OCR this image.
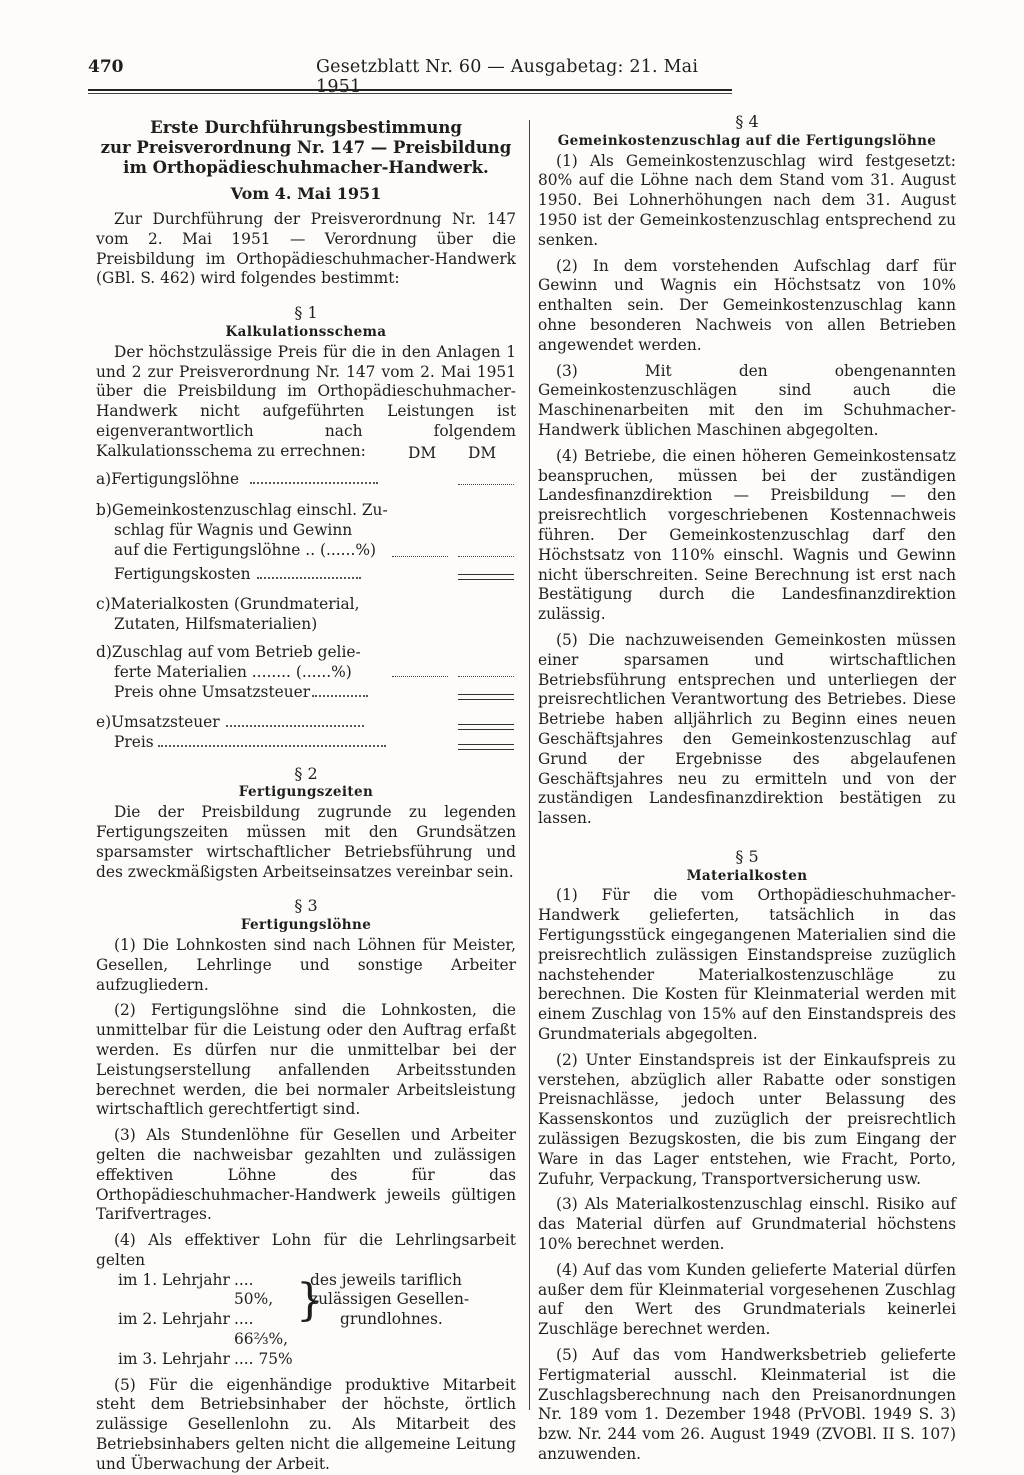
470	Gesetzblatt Nr. 60 — Ausgabetag: 21. Mai 1951

Erste Durchführungsbestimmung

zur Preisverordnung Nr. 147 — Preisbildung

im Orthopädieschuhmacher-Handwerk.

Vom 4. Mai 1951

Zur Durchführung der Preisverordnung Nr. 147 vom 2. Mai 1951 — Verordnung über die Preisbildung im Orthopädieschuhmacher-Handwerk (GBl. S. 462) wird folgendes bestimmt:

§ 1

Kalkulationsschema

Der höchstzulässige Preis für die in den Anlagen 1 und 2 zur Preisverordnung Nr. 147 vom 2. Mai 1951 über die Preisbildung im Orthopädieschuhmacher-Handwerk nicht aufgeführten Leistungen ist eigenverantwortlich nach folgendem Kalkulationsschema zu errechnen:	DM DM
a)Fertigungslöhne
b)Gemeinkostenzuschlag einschl. Zu-
schlag für Wagnis und Gewinn
auf die Fertigungslöhne .. (......%)
Fertigungskosten
c)Materialkosten (Grundmaterial,
Zutaten, Hilfsmaterialien)
d)Zuschlag auf vom Betrieb gelie-
ferte Materialien ........ (......%)
Preis ohne Umsatzsteuer
e)Umsatzsteuer
Preis

§ 2

Fertigungszeiten

Die der Preisbildung zugrunde zu legenden Fertigungszeiten müssen mit den Grundsätzen sparsamster wirtschaftlicher Betriebsführung und des zweckmäßigsten Arbeitseinsatzes vereinbar sein.

§ 3

Fertigungslöhne

(1) Die Lohnkosten sind nach Löhnen für Meister, Gesellen, Lehrlinge und sonstige Arbeiter aufzugliedern.

(2) Fertigungslöhne sind die Lohnkosten, die unmittelbar für die Leistung oder den Auftrag erfaßt werden. Es dürfen nur die unmittelbar bei der Leistungserstellung anfallenden Arbeitsstunden berechnet werden, die bei normaler Arbeitsleistung wirtschaftlich gerechtfertigt sind.

(3) Als Stundenlöhne für Gesellen und Arbeiter gelten die nachweisbar gezahlten und zulässigen effektiven Löhne des für das Orthopädieschuhmacher-Handwerk jeweils gültigen Tarifvertrages.

(4) Als effektiver Lohn für die Lehrlingsarbeit gelten

im 1. Lehrjahr .... 50%,
im 2. Lehrjahr .... 66⅔%,
im 3. Lehrjahr .... 75%
}
des jeweils tariflich
zulässigen Gesellen-
grundlohnes.

(5) Für die eigenhändige produktive Mitarbeit steht dem Betriebsinhaber der höchste, örtlich zulässige Gesellenlohn zu. Als Mitarbeit des Betriebsinhabers gelten nicht die allgemeine Leitung und Überwachung der Arbeit.

§ 4

Gemeinkostenzuschlag auf die Fertigungslöhne

(1) Als Gemeinkostenzuschlag wird festgesetzt: 80% auf die Löhne nach dem Stand vom 31. August 1950. Bei Lohnerhöhungen nach dem 31. August 1950 ist der Gemeinkostenzuschlag entsprechend zu senken.

(2) In dem vorstehenden Aufschlag darf für Gewinn und Wagnis ein Höchstsatz von 10% enthalten sein. Der Gemeinkostenzuschlag kann ohne besonderen Nachweis von allen Betrieben angewendet werden.

(3) Mit den obengenannten Gemeinkostenzuschlägen sind auch die Maschinenarbeiten mit den im Schuhmacher-Handwerk üblichen Maschinen abgegolten.

(4) Betriebe, die einen höheren Gemeinkostensatz beanspruchen, müssen bei der zuständigen Landesfinanzdirektion — Preisbildung — den preisrechtlich vorgeschriebenen Kostennachweis führen. Der Gemeinkostenzuschlag darf den Höchstsatz von 110% einschl. Wagnis und Gewinn nicht überschreiten. Seine Berechnung ist erst nach Bestätigung durch die Landesfinanzdirektion zulässig.

(5) Die nachzuweisenden Gemeinkosten müssen einer sparsamen und wirtschaftlichen Betriebsführung entsprechen und unterliegen der preisrechtlichen Verantwortung des Betriebes. Diese Betriebe haben alljährlich zu Beginn eines neuen Geschäftsjahres den Gemeinkostenzuschlag auf Grund der Ergebnisse des abgelaufenen Geschäftsjahres neu zu ermitteln und von der zuständigen Landesfinanzdirektion bestätigen zu lassen.

§ 5

Materialkosten

(1) Für die vom Orthopädieschuhmacher-Handwerk gelieferten, tatsächlich in das Fertigungsstück eingegangenen Materialien sind die preisrechtlich zulässigen Einstandspreise zuzüglich nachstehender Materialkostenzuschläge zu berechnen. Die Kosten für Kleinmaterial werden mit einem Zuschlag von 15% auf den Einstandspreis des Grundmaterials abgegolten.

(2) Unter Einstandspreis ist der Einkaufspreis zu verstehen, abzüglich aller Rabatte oder sonstigen Preisnachlässe, jedoch unter Belassung des Kassenskontos und zuzüglich der preisrechtlich zulässigen Bezugskosten, die bis zum Eingang der Ware in das Lager entstehen, wie Fracht, Porto, Zufuhr, Verpackung, Transportversicherung usw.

(3) Als Materialkostenzuschlag einschl. Risiko auf das Material dürfen auf Grundmaterial höchstens 10% berechnet werden.

(4) Auf das vom Kunden gelieferte Material dürfen außer dem für Kleinmaterial vorgesehenen Zuschlag auf den Wert des Grundmaterials keinerlei Zuschläge berechnet werden.

(5) Auf das vom Handwerksbetrieb gelieferte Fertigmaterial ausschl. Kleinmaterial ist die Zuschlagsberechnung nach den Preisanordnungen Nr. 189 vom 1. Dezember 1948 (PrVOBl. 1949 S. 3) bzw. Nr. 244 vom 26. August 1949 (ZVOBl. II S. 107) anzuwenden.
